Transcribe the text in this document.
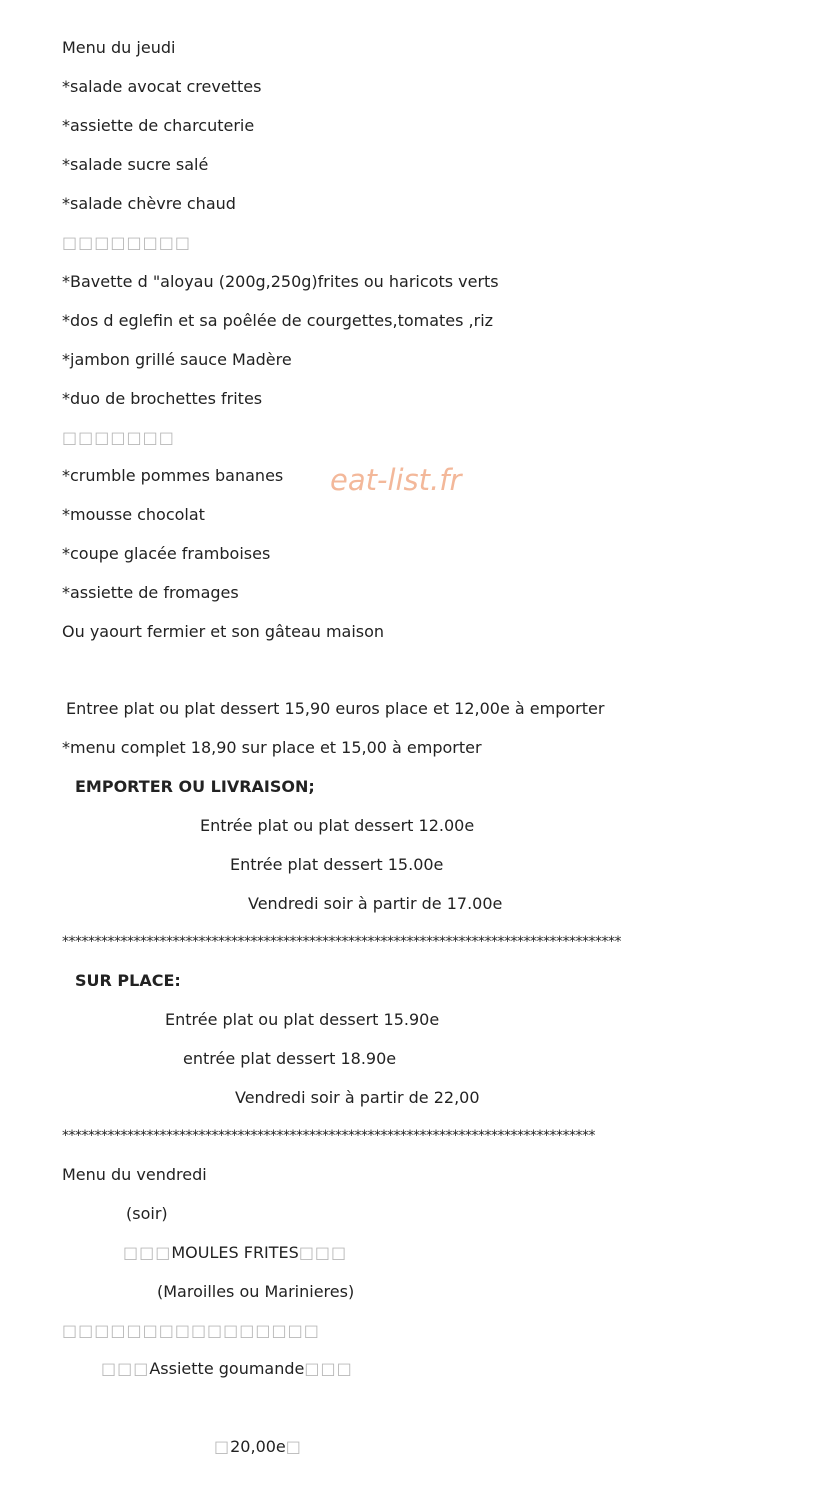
eat-list.fr
Menu du jeudi
*salade avocat crevettes
*assiette de charcuterie
*salade sucre salé
*salade chèvre chaud
□□□□□□□□
*Bavette d "aloyau (200g,250g)frites ou haricots verts
*dos d eglefin et sa poêlée de courgettes,tomates ,riz
*jambon grillé sauce Madère
*duo de brochettes frites
□□□□□□□
*crumble pommes bananes
*mousse chocolat
*coupe glacée framboises
*assiette de fromages
Ou yaourt fermier et son gâteau maison
Entree plat ou plat dessert 15,90 euros place et 12,00e à emporter
*menu complet 18,90 sur place et 15,00 à emporter
EMPORTER OU LIVRAISON;
Entrée plat ou plat dessert 12.00e
Entrée plat dessert 15.00e
Vendredi soir à partir de 17.00e
**************************************************************************************
SUR PLACE:
Entrée plat ou plat dessert 15.90e
entrée plat dessert 18.90e
Vendredi soir à partir de 22,00
**********************************************************************************
Menu du vendredi
(soir)
□□□MOULES FRITES□□□
(Maroilles ou Marinieres)
□□□□□□□□□□□□□□□□
□□□Assiette goumande□□□
□20,00e□
